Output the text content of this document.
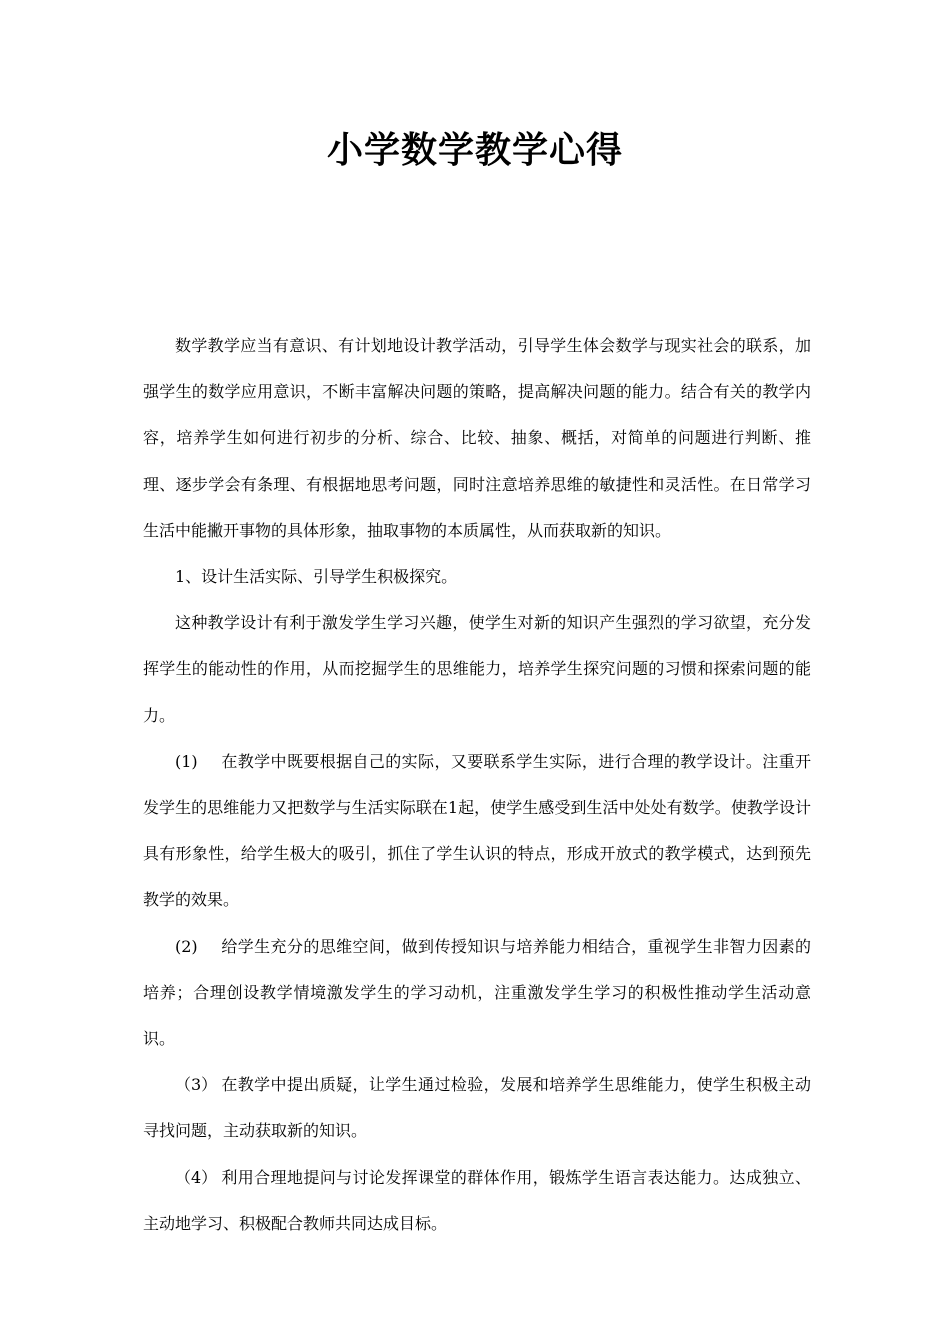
小学数学教学心得

数学教学应当有意识、有计划地设计教学活动，引导学生体会数学与现实社会的联系，加强学生的数学应用意识，不断丰富解决问题的策略，提高解决问题的能力。结合有关的教学内容，培养学生如何进行初步的分析、综合、比较、抽象、概括，对简单的问题进行判断、推理、逐步学会有条理、有根据地思考问题，同时注意培养思维的敏捷性和灵活性。在日常学习生活中能撇开事物的具体形象，抽取事物的本质属性，从而获取新的知识。

1、设计生活实际、引导学生积极探究。

这种教学设计有利于激发学生学习兴趣，使学生对新的知识产生强烈的学习欲望，充分发挥学生的能动性的作用，从而挖掘学生的思维能力，培养学生探究问题的习惯和探索问题的能力。

(1) 在教学中既要根据自己的实际，又要联系学生实际，进行合理的教学设计。注重开发学生的思维能力又把数学与生活实际联在1起，使学生感受到生活中处处有数学。使教学设计具有形象性，给学生极大的吸引，抓住了学生认识的特点，形成开放式的教学模式，达到预先教学的效果。

(2) 给学生充分的思维空间，做到传授知识与培养能力相结合，重视学生非智力因素的培养；合理创设教学情境激发学生的学习动机，注重激发学生学习的积极性推动学生活动意识。

（3） 在教学中提出质疑，让学生通过检验，发展和培养学生思维能力，使学生积极主动寻找问题，主动获取新的知识。

（4） 利用合理地提问与讨论发挥课堂的群体作用，锻炼学生语言表达能力。达成独立、主动地学习、积极配合教师共同达成目标。
